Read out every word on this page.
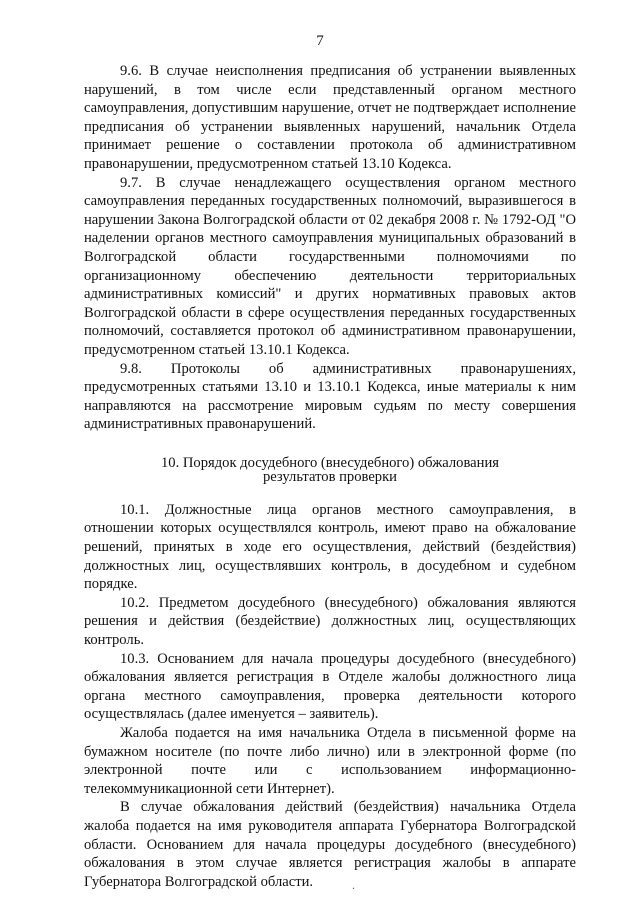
7

9.6. В случае неисполнения предписания об устранении выявленных нарушений, в том числе если представленный органом местного самоуправления, допустившим нарушение, отчет не подтверждает исполнение предписания об устранении выявленных нарушений, начальник Отдела принимает решение о составлении протокола об административном правонарушении, предусмотренном статьей 13.10 Кодекса.

9.7. В случае ненадлежащего осуществления органом местного самоуправления переданных государственных полномочий, выразившегося в нарушении Закона Волгоградской области от 02 декабря 2008 г. № 1792-ОД "О наделении органов местного самоуправления муниципальных образований в Волгоградской области государственными полномочиями по организационному обеспечению деятельности территориальных административных комиссий" и других нормативных правовых актов Волгоградской области в сфере осуществления переданных государственных полномочий, составляется протокол об административном правонарушении, предусмотренном статьей 13.10.1 Кодекса.

9.8. Протоколы об административных правонарушениях, предусмотренных статьями 13.10 и 13.10.1 Кодекса, иные материалы к ним направляются на рассмотрение мировым судьям по месту совершения административных правонарушений.

10. Порядок досудебного (внесудебного) обжалования
результатов проверки

10.1. Должностные лица органов местного самоуправления, в отношении которых осуществлялся контроль, имеют право на обжалование решений, принятых в ходе его осуществления, действий (бездействия) должностных лиц, осуществлявших контроль, в досудебном и судебном порядке.

10.2. Предметом досудебного (внесудебного) обжалования являются решения и действия (бездействие) должностных лиц, осуществляющих контроль.

10.3. Основанием для начала процедуры досудебного (внесудебного) обжалования является регистрация в Отделе жалобы должностного лица органа местного самоуправления, проверка деятельности которого осуществлялась (далее именуется – заявитель).

Жалоба подается на имя начальника Отдела в письменной форме на бумажном носителе (по почте либо лично) или в электронной форме (по электронной почте или с использованием информационно-телекоммуникационной сети Интернет).

В случае обжалования действий (бездействия) начальника Отдела жалоба подается на имя руководителя аппарата Губернатора Волгоградской области. Основанием для начала процедуры досудебного (внесудебного) обжалования в этом случае является регистрация жалобы в аппарате Губернатора Волгоградской области.	.
